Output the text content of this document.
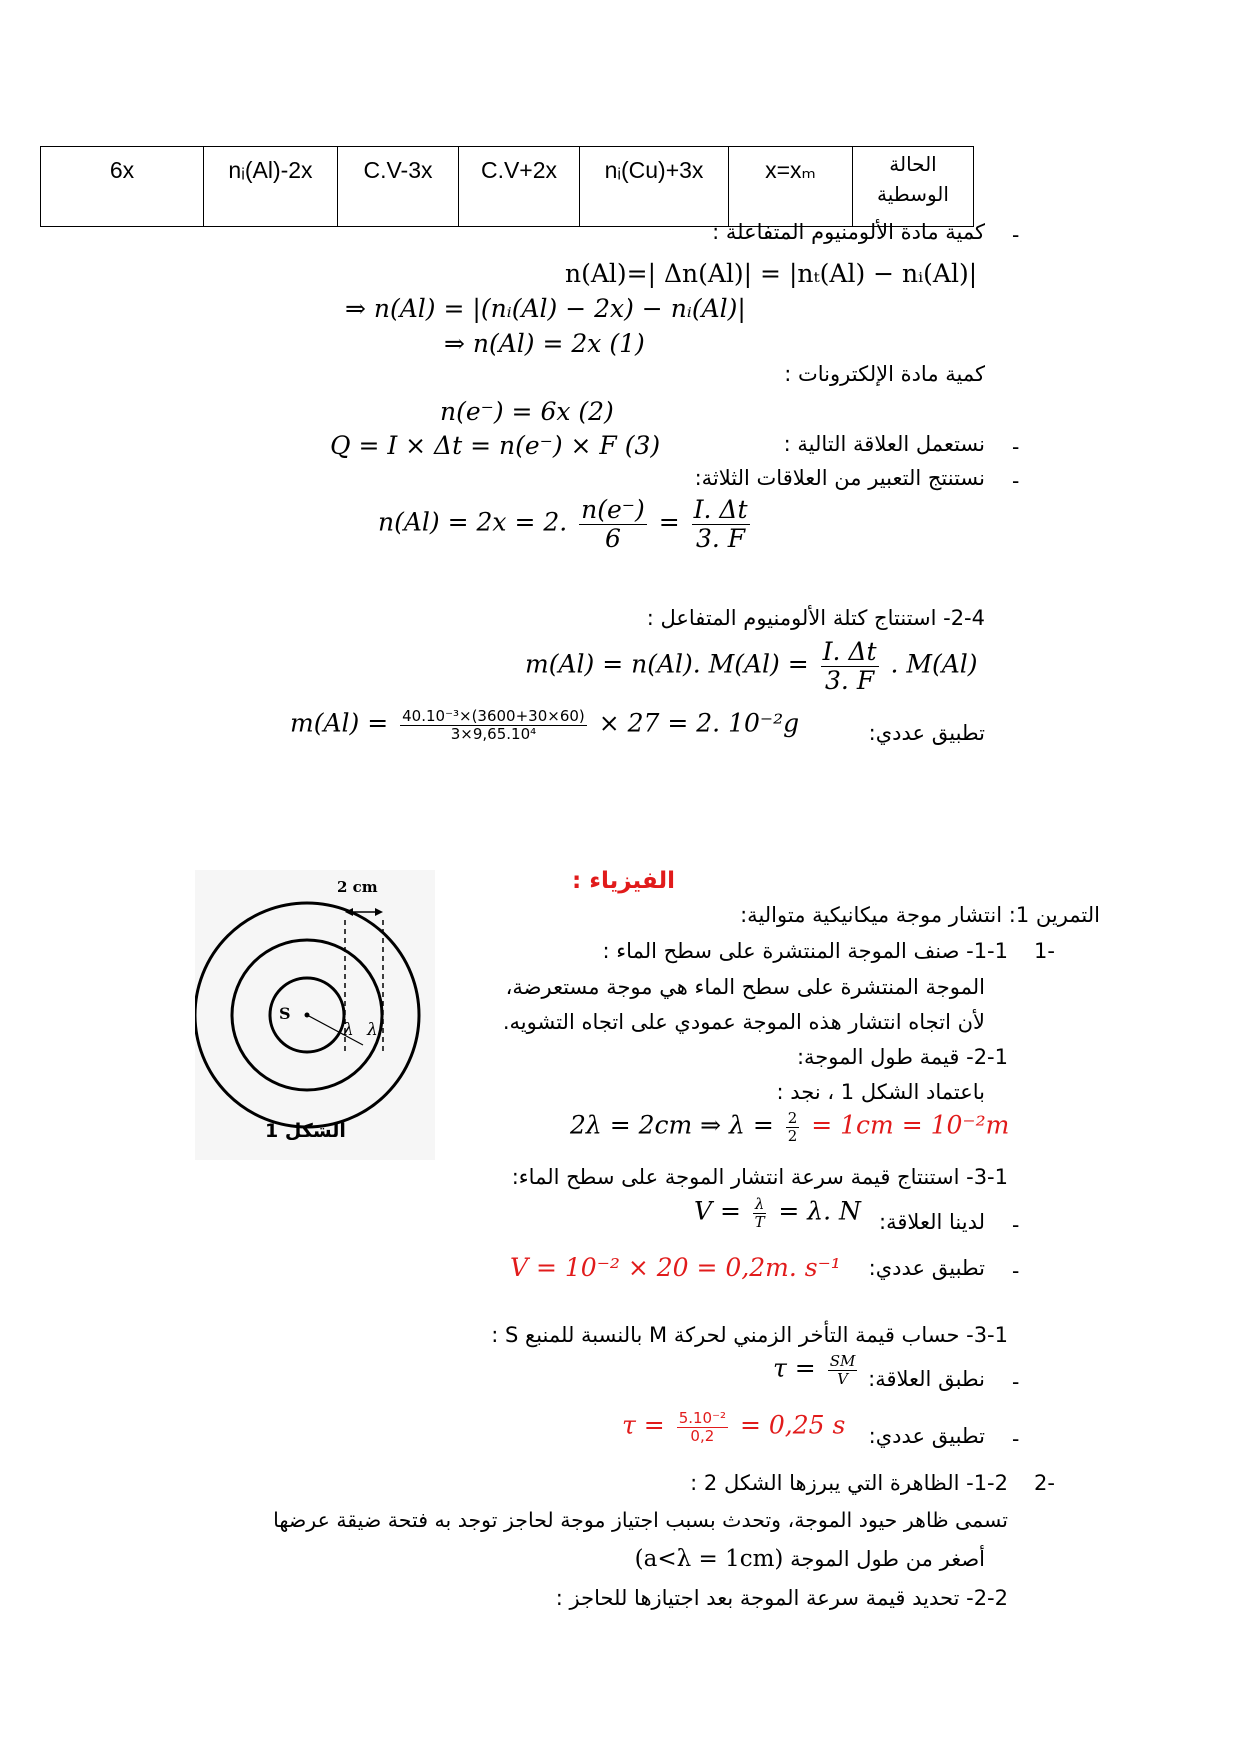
6x	nᵢ(Al)-2x	C.V-3x	C.V+2x	nᵢ(Cu)+3x	x=xₘ	الحالة الوسطية
-
كمية مادة الألومنيوم المتفاعلة :
n(Al)=| Δn(Al)| = |nₜ(Al) − nᵢ(Al)|
⇒ n(Al) = |(nᵢ(Al) − 2x) − nᵢ(Al)|
⇒ n(Al) = 2x (1)
كمية مادة الإلكترونات :
n(e⁻) = 6x (2)
-
نستعمل العلاقة التالية :
Q = I × Δt = n(e⁻) × F (3)
-
نستنتج التعبير من العلاقات الثلاثة:
n(Al) = 2x = 2. $\frac{n(e^-)}{6} = \frac{I. \Delta t}{3. F}$
2-4- استنتاج كتلة الألومنيوم المتفاعل :
m(Al) = n(Al). $M(Al) = \frac{I. \Delta t}{3. F}$ . M(Al)
تطبيق عددي:
$m(Al) = \frac{\text{40.10⁻³×(3600+30×60)}}{\text{3×9,65.10⁴}} \times 27 = 2$. 10⁻²g
2 cm
S
λ λ
الشكل 1
الفيزياء :
التمرين 1: انتشار موجة ميكانيكية متوالية:
-1
1-1- صنف الموجة المنتشرة على سطح الماء :
الموجة المنتشرة على سطح الماء هي موجة مستعرضة،
لأن اتجاه انتشار هذه الموجة عمودي على اتجاه التشويه.
2-1- قيمة طول الموجة:
باعتماد الشكل 1 ، نجد :
2λ = 2cm ⇒ $\lambda = \frac{2}{2} = 1cm = 10^{-2}m$
3-1- استنتاج قيمة سرعة انتشار الموجة على سطح الماء:
-
لدينا العلاقة:
$V = \frac{\lambda}{T} = \lambda$. N
-
تطبيق عددي:
V = 10⁻² × 20 = 0,2m. s⁻¹
3-1- حساب قيمة التأخر الزمني لحركة M بالنسبة للمنبع S :
-
نطبق العلاقة:
$\tau = \frac{SM}{V}$
-
تطبيق عددي:
$\tau = \frac{\text{5.10⁻²}}{0,2} = 0,25$ s
-2
1-2- الظاهرة التي يبرزها الشكل 2 :
تسمى ظاهر حيود الموجة، وتحدث بسبب اجتياز موجة لحاجز توجد به فتحة ضيقة عرضها
أصغر من طول الموجة (a<λ = 1cm)
2-2- تحديد قيمة سرعة الموجة بعد اجتيازها للحاجز :
